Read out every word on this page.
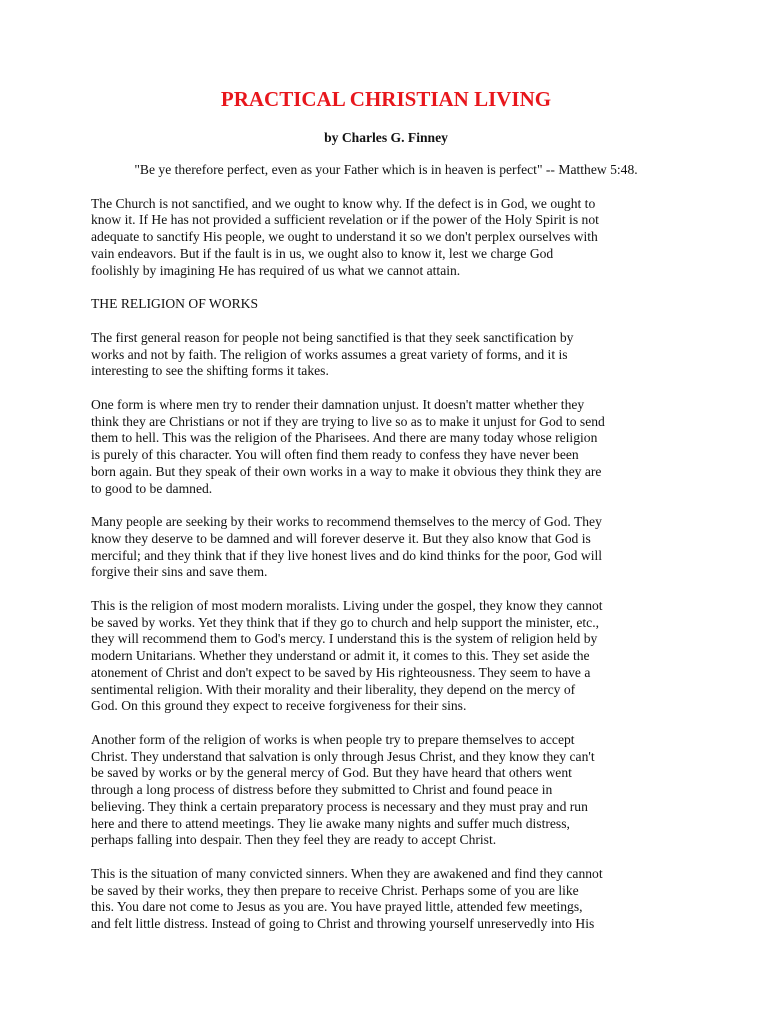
PRACTICAL CHRISTIAN LIVING
by Charles G. Finney
"Be ye therefore perfect, even as your Father which is in heaven is perfect" -- Matthew 5:48.
The Church is not sanctified, and we ought to know why. If the defect is in God, we ought to
know it. If He has not provided a sufficient revelation or if the power of the Holy Spirit is not
adequate to sanctify His people, we ought to understand it so we don't perplex ourselves with
vain endeavors. But if the fault is in us, we ought also to know it, lest we charge God
foolishly by imagining He has required of us what we cannot attain.
THE RELIGION OF WORKS
The first general reason for people not being sanctified is that they seek sanctification by
works and not by faith. The religion of works assumes a great variety of forms, and it is
interesting to see the shifting forms it takes.
One form is where men try to render their damnation unjust. It doesn't matter whether they
think they are Christians or not if they are trying to live so as to make it unjust for God to send
them to hell. This was the religion of the Pharisees. And there are many today whose religion
is purely of this character. You will often find them ready to confess they have never been
born again. But they speak of their own works in a way to make it obvious they think they are
to good to be damned.
Many people are seeking by their works to recommend themselves to the mercy of God. They
know they deserve to be damned and will forever deserve it. But they also know that God is
merciful; and they think that if they live honest lives and do kind thinks for the poor, God will
forgive their sins and save them.
This is the religion of most modern moralists. Living under the gospel, they know they cannot
be saved by works. Yet they think that if they go to church and help support the minister, etc.,
they will recommend them to God's mercy. I understand this is the system of religion held by
modern Unitarians. Whether they understand or admit it, it comes to this. They set aside the
atonement of Christ and don't expect to be saved by His righteousness. They seem to have a
sentimental religion. With their morality and their liberality, they depend on the mercy of
God. On this ground they expect to receive forgiveness for their sins.
Another form of the religion of works is when people try to prepare themselves to accept
Christ. They understand that salvation is only through Jesus Christ, and they know they can't
be saved by works or by the general mercy of God. But they have heard that others went
through a long process of distress before they submitted to Christ and found peace in
believing. They think a certain preparatory process is necessary and they must pray and run
here and there to attend meetings. They lie awake many nights and suffer much distress,
perhaps falling into despair. Then they feel they are ready to accept Christ.
This is the situation of many convicted sinners. When they are awakened and find they cannot
be saved by their works, they then prepare to receive Christ. Perhaps some of you are like
this. You dare not come to Jesus as you are. You have prayed little, attended few meetings,
and felt little distress. Instead of going to Christ and throwing yourself unreservedly into His
